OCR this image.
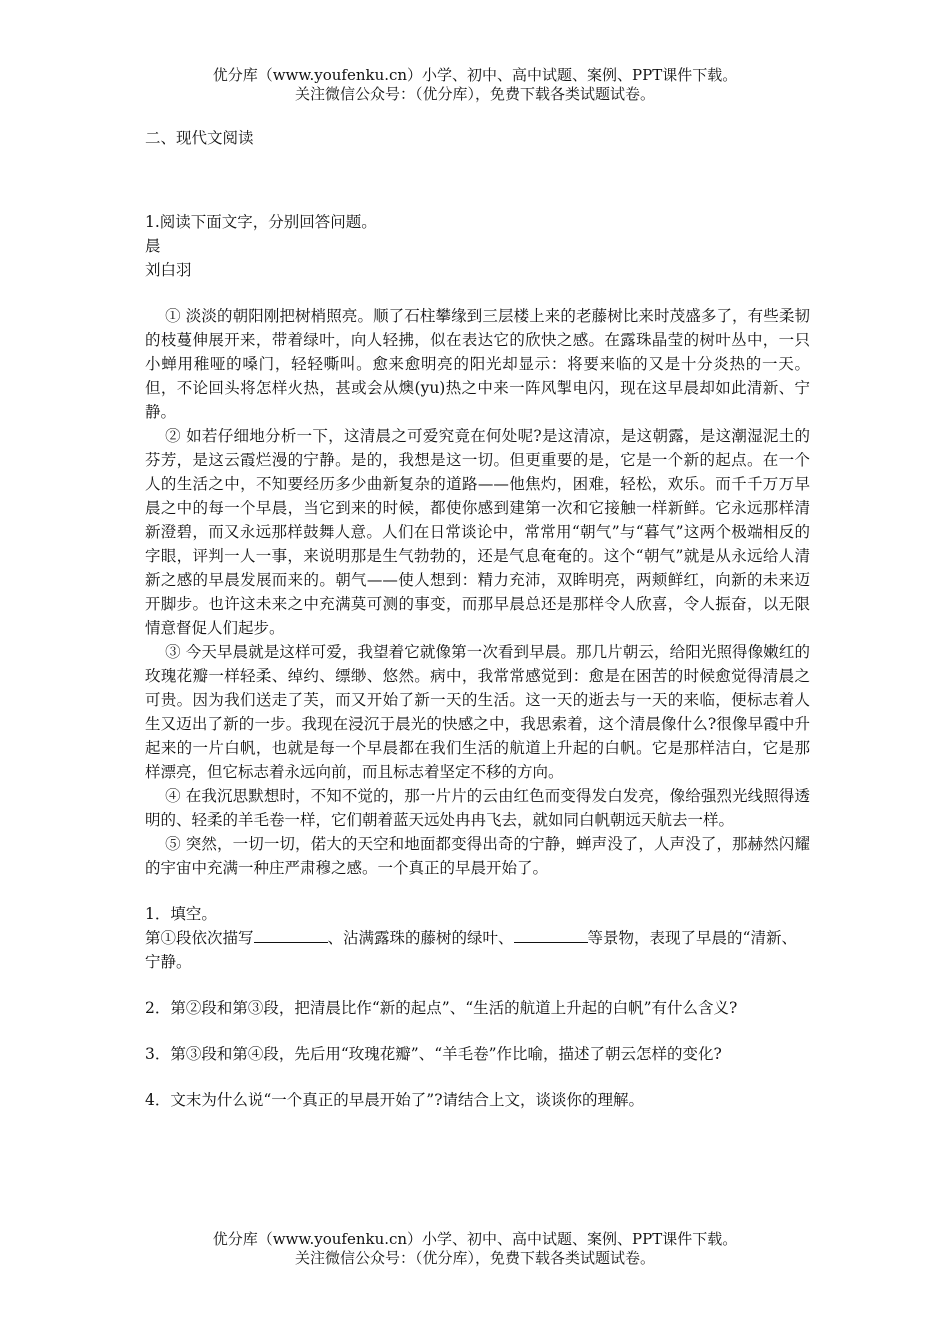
优分库（www.youfenku.cn）小学、初中、高中试题、案例、PPT课件下载。
关注微信公众号：（优分库），免费下载各类试题试卷。

二、现代文阅读

1.阅读下面文字，分别回答问题。

晨

刘白羽

① 淡淡的朝阳刚把树梢照亮。顺了石柱攀缘到三层楼上来的老藤树比来时茂盛多了，有些柔韧的枝蔓伸展开来，带着绿叶，向人轻拂，似在表达它的欣快之感。在露珠晶莹的树叶丛中，一只小蝉用稚哑的嗓门，轻轻嘶叫。愈来愈明亮的阳光却显示：将要来临的又是十分炎热的一天。但，不论回头将怎样火热，甚或会从燠(yu)热之中来一阵风掣电闪，现在这早晨却如此清新、宁静。

② 如若仔细地分析一下，这清晨之可爱究竟在何处呢?是这清凉，是这朝露，是这潮湿泥土的芬芳，是这云霞烂漫的宁静。是的，我想是这一切。但更重要的是，它是一个新的起点。在一个人的生活之中，不知要经历多少曲新复杂的道路——他焦灼，困难，轻松，欢乐。而千千万万早晨之中的每一个早晨，当它到来的时候，都使你感到建第一次和它接触一样新鲜。它永远那样清新澄碧，而又永远那样鼓舞人意。人们在日常谈论中，常常用“朝气”与“暮气”这两个极端相反的字眼，评判一人一事，来说明那是生气勃勃的，还是气息奄奄的。这个“朝气”就是从永远给人清新之感的早晨发展而来的。朝气——使人想到：精力充沛，双眸明亮，两颊鲜红，向新的未来迈开脚步。也许这未来之中充满莫可测的事变，而那早晨总还是那样令人欣喜，令人振奋，以无限情意督促人们起步。

③ 今天早晨就是这样可爱，我望着它就像第一次看到早晨。那几片朝云，给阳光照得像嫩红的玫瑰花瓣一样轻柔、绰约、缥缈、悠然。病中，我常常感觉到：愈是在困苦的时候愈觉得清晨之可贵。因为我们送走了芙，而又开始了新一天的生活。这一天的逝去与一天的来临，便标志着人生又迈出了新的一步。我现在浸沉于晨光的快感之中，我思索着，这个清晨像什么?很像早霞中升起来的一片白帆，也就是每一个早晨都在我们生活的航道上升起的白帆。它是那样洁白，它是那样漂亮，但它标志着永远向前，而且标志着坚定不移的方向。

④ 在我沉思默想时，不知不觉的，那一片片的云由红色而变得发白发亮，像给强烈光线照得透明的、轻柔的羊毛卷一样，它们朝着蓝天远处冉冉飞去，就如同白帆朝远天航去一样。

⑤ 突然，一切一切，偌大的天空和地面都变得出奇的宁静，蝉声没了，人声没了，那赫然闪耀的宇宙中充满一种庄严肃穆之感。一个真正的早晨开始了。

1．填空。

第①段依次描写	、沾满露珠的藤树的绿叶、	等景物，表现了早晨的“清新、宁静。

2．第②段和第③段，把清晨比作“新的起点”、“生活的航道上升起的白帆”有什么含义?

3．第③段和第④段，先后用“玫瑰花瓣”、“羊毛卷”作比喻，描述了朝云怎样的变化?

4．文末为什么说“一个真正的早晨开始了”?请结合上文，谈谈你的理解。

优分库（www.youfenku.cn）小学、初中、高中试题、案例、PPT课件下载。
关注微信公众号：（优分库），免费下载各类试题试卷。
